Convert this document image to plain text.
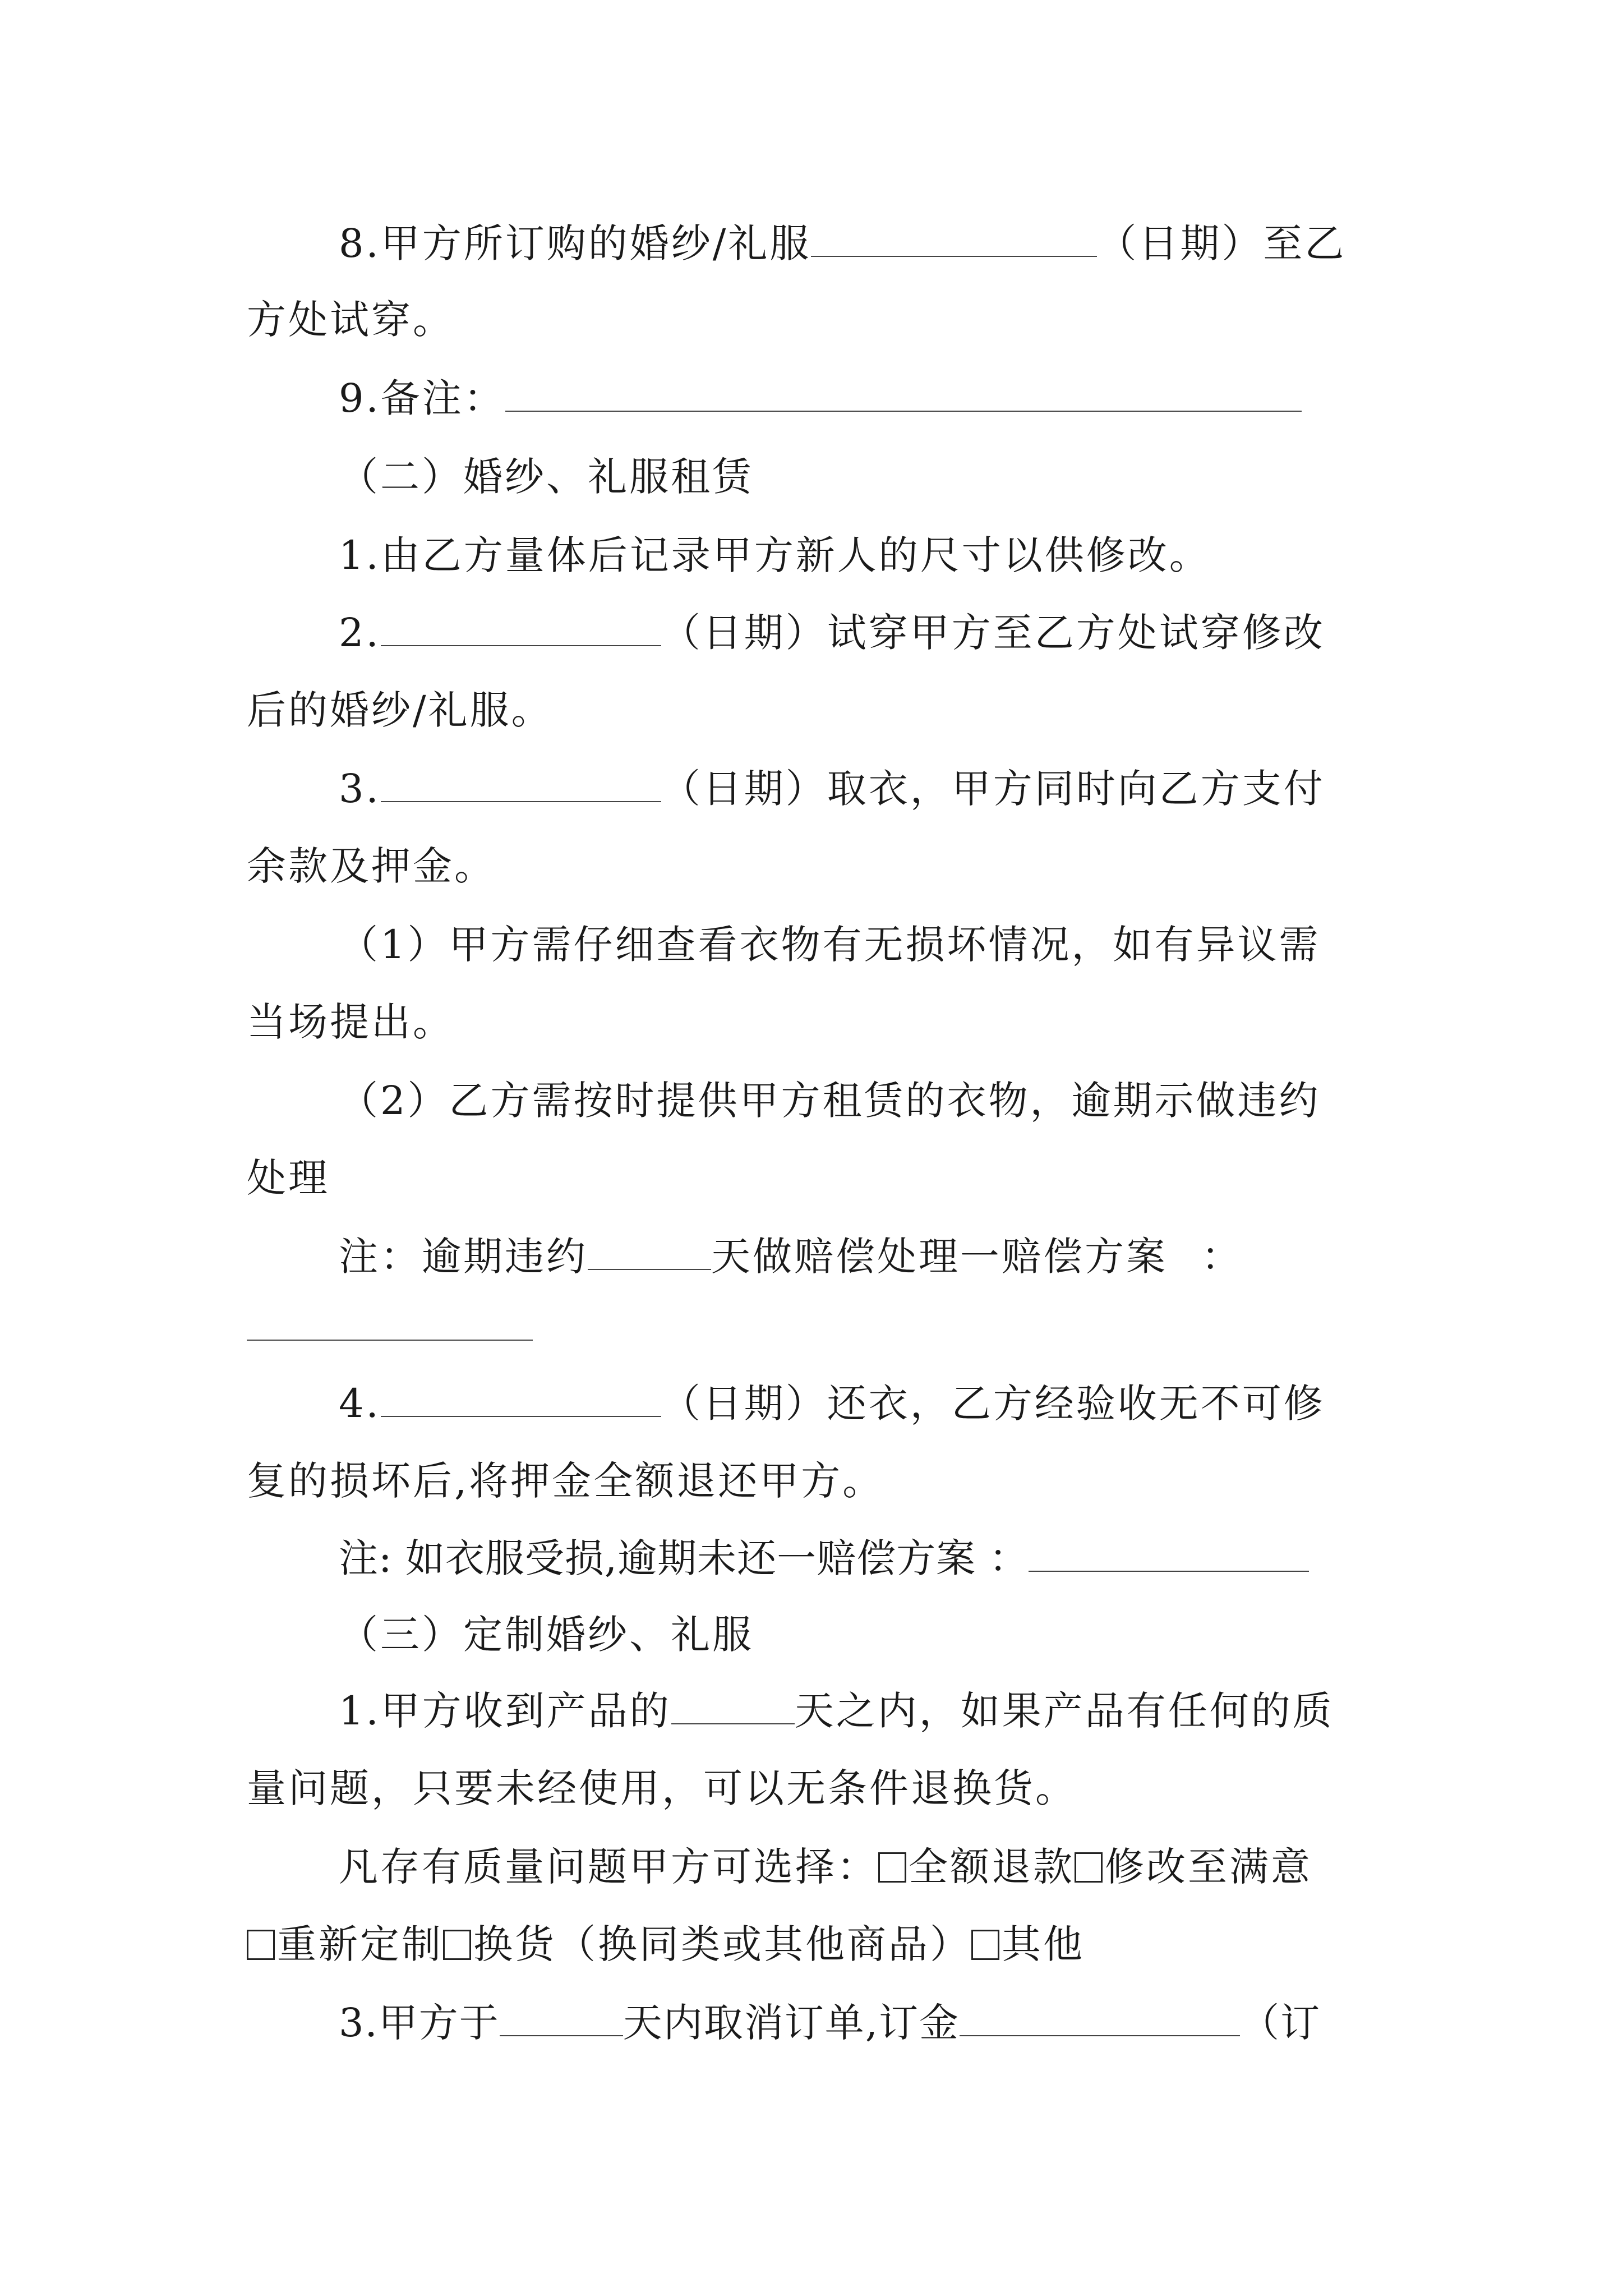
8.甲方所订购的婚纱/礼服	（日期）至乙
方处试穿。
9.备注：
（二）婚纱、礼服租赁
1.由乙方量体后记录甲方新人的尺寸以供修改。
2.	（日期）试穿甲方至乙方处试穿修改
后的婚纱/礼服。
3.	（日期）取衣，甲方同时向乙方支付
余款及押金。
（1）甲方需仔细查看衣物有无损坏情况，如有异议需
当场提出。
（2）乙方需按时提供甲方租赁的衣物，逾期示做违约
处理
注：逾期违约	天做赔偿处理一赔偿方案 ：
4.	（日期）还衣，乙方经验收无不可修
复的损坏后,将押金全额退还甲方。
注: 如衣服受损,逾期未还一赔偿方案 ：
（三）定制婚纱、礼服
1.甲方收到产品的	天之内，如果产品有任何的质
量问题，只要未经使用，可以无条件退换货。
凡存有质量问题甲方可选择： 全额退款 修改至满意
重新定制 换货（换同类或其他商品） 其他
3.甲方于	天内取消订单,订金	（订
